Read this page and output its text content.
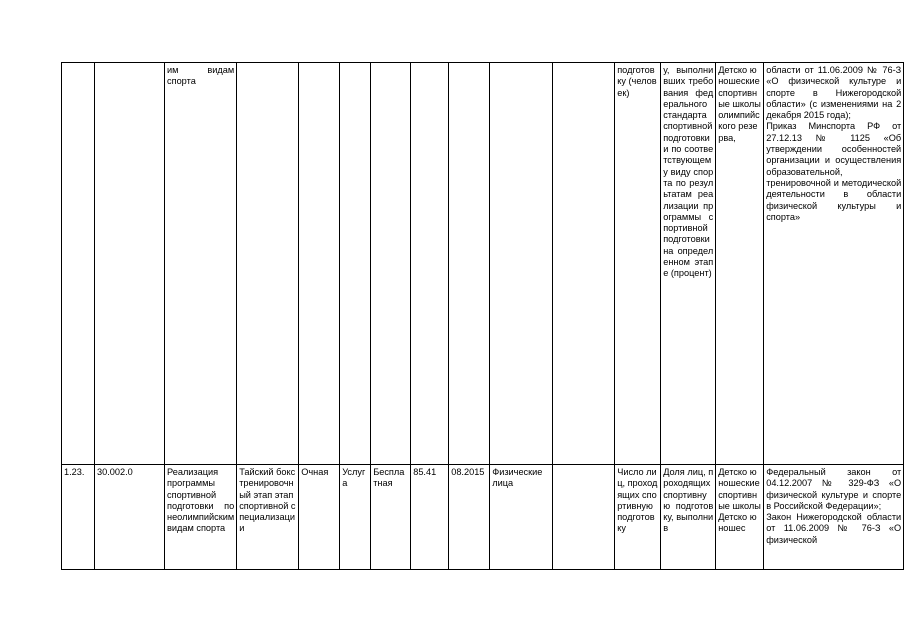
		им видам спорта									подготовку (человек)	у, выполнивших требования федерального стандарта спортивной подготовки и по соответствующему виду спорта по результатам реализации программы спортивной подготовки на определенном этапе (процент)	Детско юношеские спортивные школы олимпийского резерва,	области от 11.06.2009 № 76-З «О физической культуре и спорте в Нижегородской области» (с изменениями на 2 декабря 2015 года);
Приказ Минспорта РФ от 27.12.13 № 1125 «Об утверждении особенностей организации и осуществления образовательной, тренировочной и методической деятельности в области физической культуры и спорта»
1.23.	30.002.0	Реализация программы спортивной подготовки по неолимпийским видам спорта	Тайский бокс тренировочный этап этап спортивной специализации	Очная	Услуга	Бесплатная	85.41	08.2015	Физические лица		Число лиц, проходящих спортивную подготовку	Доля лиц, проходящих спортивную подготовку, выполнив	Детско юношеские спортивные школы Детско юношес	Федеральный закон от 04.12.2007 № 329-ФЗ «О физической культуре и спорте в Российской Федерации»;
Закон Нижегородской области от 11.06.2009 № 76-З «О физической
